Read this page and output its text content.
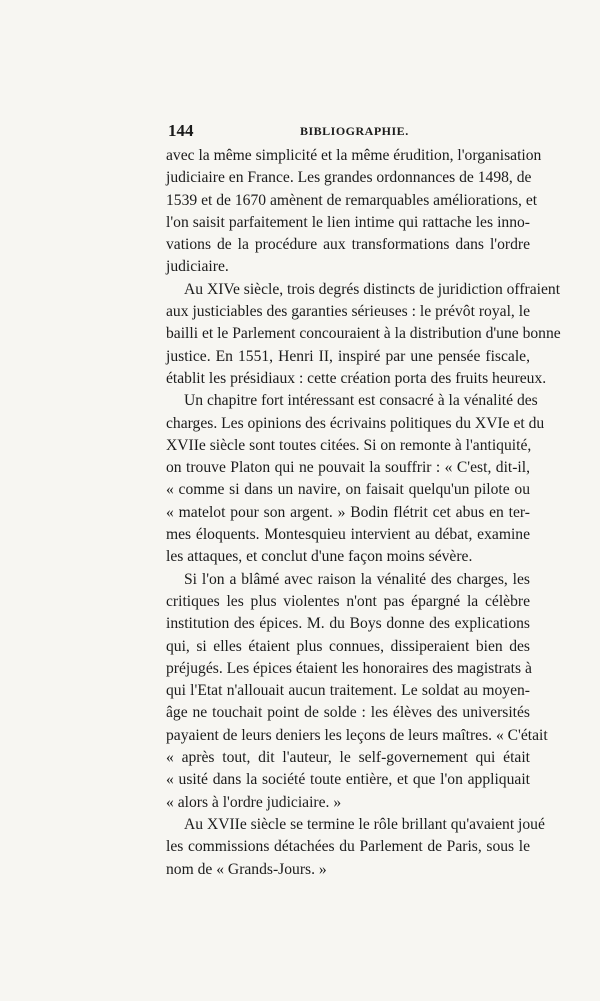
144	BIBLIOGRAPHIE.
avec la même simplicité et la même érudition, l'organisation
judiciaire en France. Les grandes ordonnances de 1498, de
1539 et de 1670 amènent de remarquables améliorations, et
l'on saisit parfaitement le lien intime qui rattache les inno-
vations de la procédure aux transformations dans l'ordre
judiciaire.
Au XIVe siècle, trois degrés distincts de juridiction offraient
aux justiciables des garanties sérieuses : le prévôt royal, le
bailli et le Parlement concouraient à la distribution d'une bonne
justice. En 1551, Henri II, inspiré par une pensée fiscale,
établit les présidiaux : cette création porta des fruits heureux.
Un chapitre fort intéressant est consacré à la vénalité des
charges. Les opinions des écrivains politiques du XVIe et du
XVIIe siècle sont toutes citées. Si on remonte à l'antiquité,
on trouve Platon qui ne pouvait la souffrir : « C'est, dit-il,
« comme si dans un navire, on faisait quelqu'un pilote ou
« matelot pour son argent. » Bodin flétrit cet abus en ter-
mes éloquents. Montesquieu intervient au débat, examine
les attaques, et conclut d'une façon moins sévère.
Si l'on a blâmé avec raison la vénalité des charges, les
critiques les plus violentes n'ont pas épargné la célèbre
institution des épices. M. du Boys donne des explications
qui, si elles étaient plus connues, dissiperaient bien des
préjugés. Les épices étaient les honoraires des magistrats à
qui l'Etat n'allouait aucun traitement. Le soldat au moyen-
âge ne touchait point de solde : les élèves des universités
payaient de leurs deniers les leçons de leurs maîtres. « C'était
« après tout, dit l'auteur, le self-governement qui était
« usité dans la société toute entière, et que l'on appliquait
« alors à l'ordre judiciaire. »
Au XVIIe siècle se termine le rôle brillant qu'avaient joué
les commissions détachées du Parlement de Paris, sous le
nom de « Grands-Jours. »
